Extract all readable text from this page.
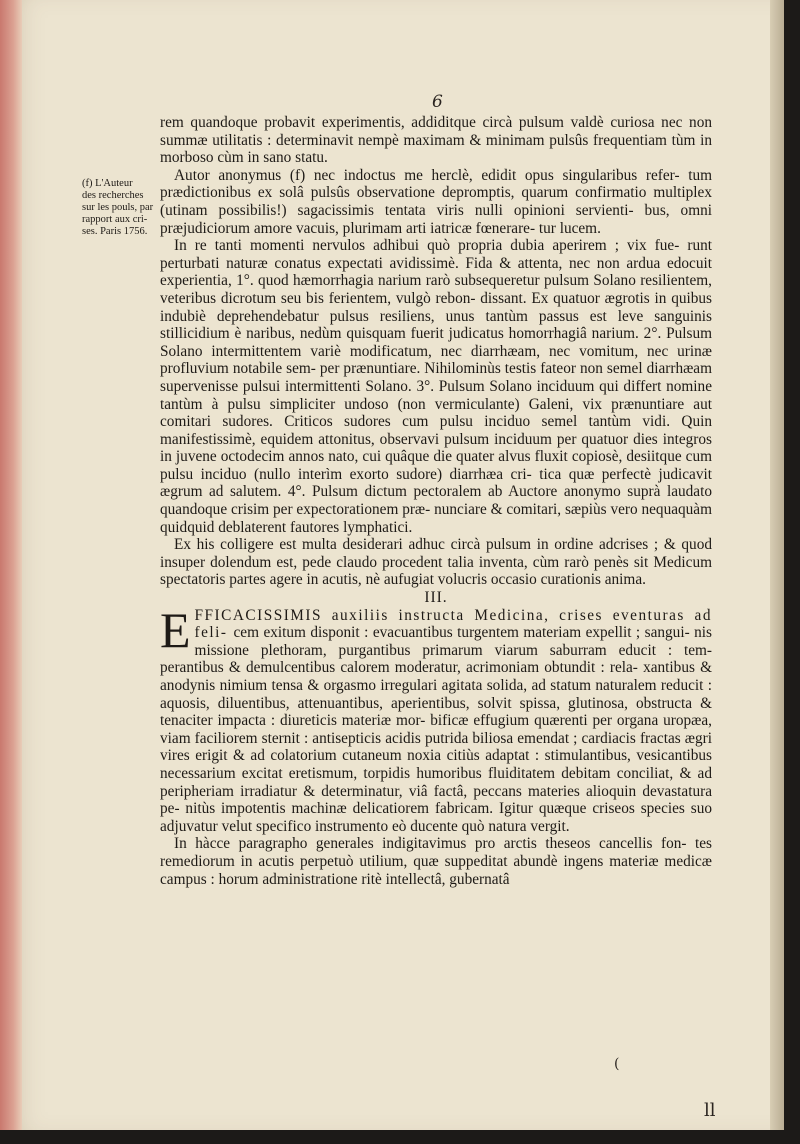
6
(f) L'Auteur
des recherches
sur les pouls, par
rapport aux cri-
ses. Paris 1756.

rem quandoque probavit experimentis, addiditque circà pulsum valdè curiosa nec non summæ utilitatis : determinavit nempè maximam & minimam pulsûs frequentiam tùm in morboso cùm in sano statu.

Autor anonymus (f) nec indoctus me herclè, edidit opus singularibus refer- tum prædictionibus ex solâ pulsûs observatione depromptis, quarum confirmatio multiplex (utinam possibilis!) sagacissimis tentata viris nulli opinioni servienti- bus, omni præjudiciorum amore vacuis, plurimam arti iatricæ fœnerare- tur lucem.

In re tanti momenti nervulos adhibui quò propria dubia aperirem ; vix fue- runt perturbati naturæ conatus expectati avidissimè. Fida & attenta, nec non ardua edocuit experientia, 1°. quod hæmorrhagia narium rarò subsequeretur pulsum Solano resilientem, veteribus dicrotum seu bis ferientem, vulgò rebon- dissant. Ex quatuor ægrotis in quibus indubiè deprehendebatur pulsus resiliens, unus tantùm passus est leve sanguinis stillicidium è naribus, nedùm quisquam fuerit judicatus homorrhagiâ narium. 2°. Pulsum Solano intermittentem variè modificatum, nec diarrhæam, nec vomitum, nec urinæ profluvium notabile sem- per prænuntiare. Nihilominùs testis fateor non semel diarrhæam supervenisse pulsui intermittenti Solano. 3°. Pulsum Solano inciduum qui differt nomine tantùm à pulsu simpliciter undoso (non vermiculante) Galeni, vix prænuntiare aut comitari sudores. Criticos sudores cum pulsu inciduo semel tantùm vidi. Quin manifestissimè, equidem attonitus, observavi pulsum inciduum per quatuor dies integros in juvene octodecim annos nato, cui quâque die quater alvus fluxit copiosè, desiitque cum pulsu inciduo (nullo interìm exorto sudore) diarrhæa cri- tica quæ perfectè judicavit ægrum ad salutem. 4°. Pulsum dictum pectoralem ab Auctore anonymo suprà laudato quandoque crisim per expectorationem præ- nunciare & comitari, sæpiùs vero nequaquàm quidquid deblaterent fautores lymphatici.

Ex his colligere est multa desiderari adhuc circà pulsum in ordine adcrises ; & quod insuper dolendum est, pede claudo procedent talia inventa, cùm rarò penès sit Medicum spectatoris partes agere in acutis, nè aufugiat volucris occasio curationis anima.

III.

E FFICACISSIMIS auxiliis instructa Medicina, crises eventuras ad feli- cem exitum disponit : evacuantibus turgentem materiam expellit ; sangui- nis missione plethoram, purgantibus primarum viarum saburram educit : tem- perantibus & demulcentibus calorem moderatur, acrimoniam obtundit : rela- xantibus & anodynis nimium tensa & orgasmo irregulari agitata solida, ad statum naturalem reducit : aquosis, diluentibus, attenuantibus, aperientibus, solvit spissa, glutinosa, obstructa & tenaciter impacta : diureticis materiæ mor- bificæ effugium quærenti per organa uropæa, viam faciliorem sternit : antisepticis acidis putrida biliosa emendat ; cardiacis fractas ægri vires erigit & ad colatorium cutaneum noxia citiùs adaptat : stimulantibus, vesicantibus necessarium excitat eretismum, torpidis humoribus fluiditatem debitam conciliat, & ad peripheriam irradiatur & determinatur, viâ factâ, peccans materies alioquin devastatura pe- nitùs impotentis machinæ delicatiorem fabricam. Igitur quæque criseos species suo adjuvatur velut specifico instrumento eò ducente quò natura vergit.

In hàcce paragrapho generales indigitavimus pro arctis theseos cancellis fon- tes remediorum in acutis perpetuò utilium, quæ suppeditat abundè ingens materiæ medicæ campus : horum administratione ritè intellectâ, gubernatâ

(
ll
